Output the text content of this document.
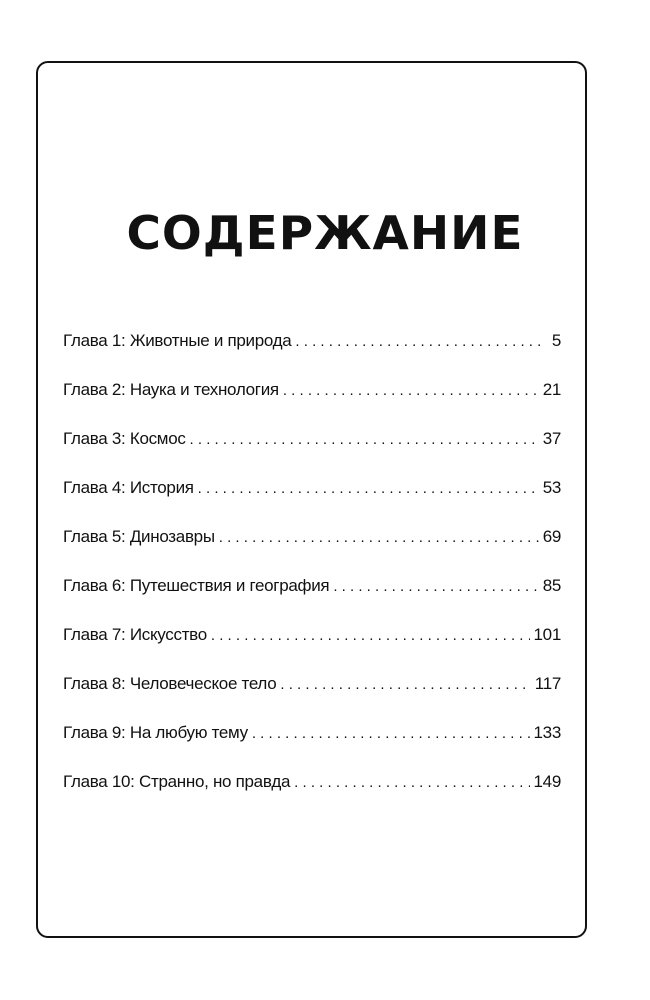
СОДЕРЖАНИЕ
Глава 1: Животные и природа . . .	5
Глава 2: Наука и технология . . .	21
Глава 3: Космос . . .	37
Глава 4: История . . .	53
Глава 5: Динозавры . . .	69
Глава 6: Путешествия и география . . .	85
Глава 7: Искусство . . .	101
Глава 8: Человеческое тело . . .	117
Глава 9: На любую тему . . .	133
Глава 10: Странно, но правда . . .	149
